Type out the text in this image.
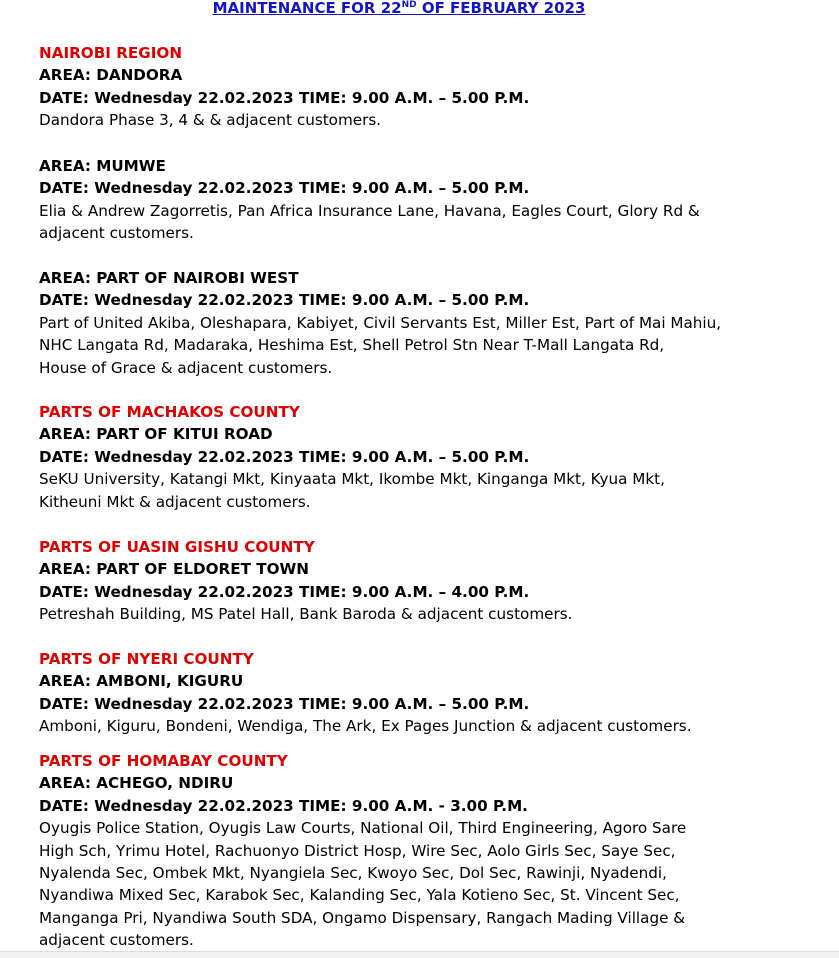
MAINTENANCE FOR 22ND OF FEBRUARY 2023
NAIROBI REGION
AREA: DANDORA
DATE: Wednesday 22.02.2023 TIME: 9.00 A.M. – 5.00 P.M.
Dandora Phase 3, 4 & & adjacent customers.
AREA: MUMWE
DATE: Wednesday 22.02.2023 TIME: 9.00 A.M. – 5.00 P.M.
Elia & Andrew Zagorretis, Pan Africa Insurance Lane, Havana, Eagles Court, Glory Rd &
adjacent customers.
AREA: PART OF NAIROBI WEST
DATE: Wednesday 22.02.2023 TIME: 9.00 A.M. – 5.00 P.M.
Part of United Akiba, Oleshapara, Kabiyet, Civil Servants Est, Miller Est, Part of Mai Mahiu,
NHC Langata Rd, Madaraka, Heshima Est, Shell Petrol Stn Near T-Mall Langata Rd,
House of Grace & adjacent customers.
PARTS OF MACHAKOS COUNTY
AREA: PART OF KITUI ROAD
DATE: Wednesday 22.02.2023 TIME: 9.00 A.M. – 5.00 P.M.
SeKU University, Katangi Mkt, Kinyaata Mkt, Ikombe Mkt, Kinganga Mkt, Kyua Mkt,
Kitheuni Mkt & adjacent customers.
PARTS OF UASIN GISHU COUNTY
AREA: PART OF ELDORET TOWN
DATE: Wednesday 22.02.2023 TIME: 9.00 A.M. – 4.00 P.M.
Petreshah Building, MS Patel Hall, Bank Baroda & adjacent customers.
PARTS OF NYERI COUNTY
AREA: AMBONI, KIGURU
DATE: Wednesday 22.02.2023 TIME: 9.00 A.M. – 5.00 P.M.
Amboni, Kiguru, Bondeni, Wendiga, The Ark, Ex Pages Junction & adjacent customers.
PARTS OF HOMABAY COUNTY
AREA: ACHEGO, NDIRU
DATE: Wednesday 22.02.2023 TIME: 9.00 A.M. - 3.00 P.M.
Oyugis Police Station, Oyugis Law Courts, National Oil, Third Engineering, Agoro Sare
High Sch, Yrimu Hotel, Rachuonyo District Hosp, Wire Sec, Aolo Girls Sec, Saye Sec,
Nyalenda Sec, Ombek Mkt, Nyangiela Sec, Kwoyo Sec, Dol Sec, Rawinji, Nyadendi,
Nyandiwa Mixed Sec, Karabok Sec, Kalanding Sec, Yala Kotieno Sec, St. Vincent Sec,
Manganga Pri, Nyandiwa South SDA, Ongamo Dispensary, Rangach Mading Village &
adjacent customers.
